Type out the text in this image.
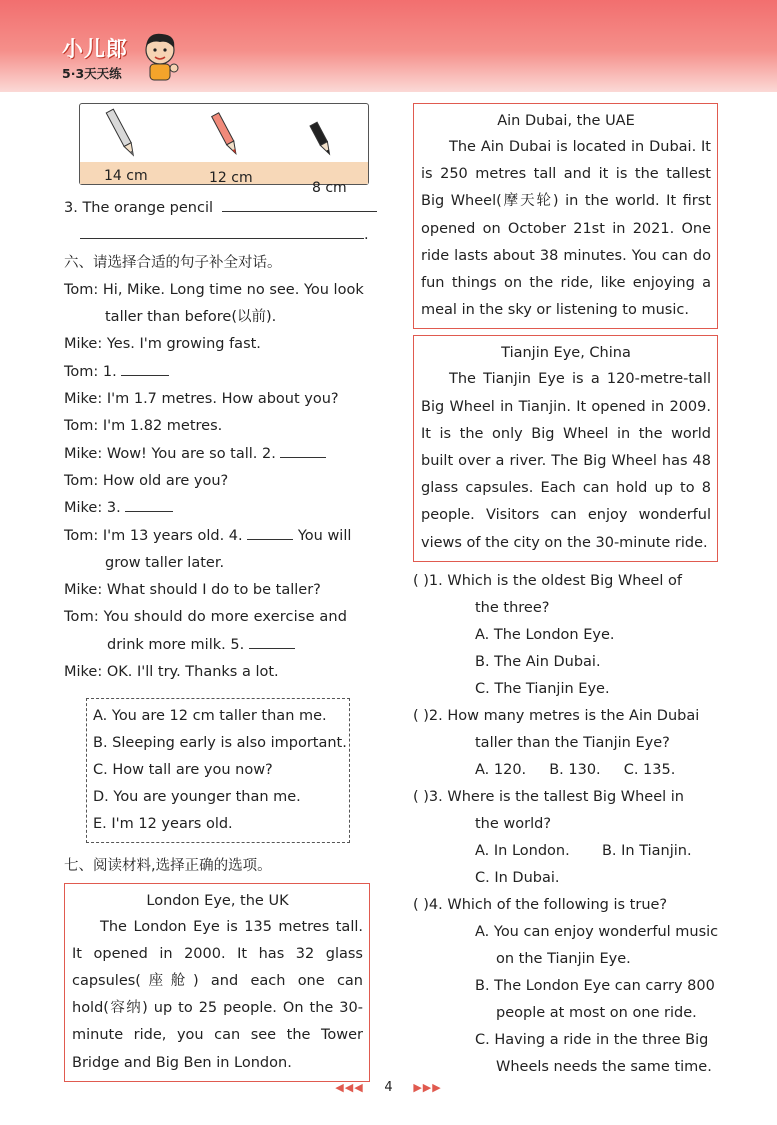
小儿郎
5·3天天练
14 cm	12 cm
8 cm
3. The orange pencil
.
六、请选择合适的句子补全对话。
Tom: Hi, Mike. Long time no see. You look
taller than before(以前).
Mike: Yes. I'm growing fast.
Tom: 1.
Mike: I'm 1.7 metres. How about you?
Tom: I'm 1.82 metres.
Mike: Wow! You are so tall. 2.
Tom: How old are you?
Mike: 3.
Tom: I'm 13 years old. 4.	You will
grow taller later.
Mike: What should I do to be taller?
Tom: You should do more exercise and
drink more milk. 5.
Mike: OK. I'll try. Thanks a lot.
A. You are 12 cm taller than me.
B. Sleeping early is also important.
C. How tall are you now?
D. You are younger than me.
E. I'm 12 years old.
七、阅读材料,选择正确的选项。
London Eye, the UK
The London Eye is 135 metres tall. It opened in 2000. It has 32 glass capsules(座舱) and each one can hold(容纳) up to 25 people. On the 30-minute ride, you can see the Tower Bridge and Big Ben in London.
Ain Dubai, the UAE
The Ain Dubai is located in Dubai. It is 250 metres tall and it is the tallest Big Wheel(摩天轮) in the world. It first opened on October 21st in 2021. One ride lasts about 38 minutes. You can do fun things on the ride, like enjoying a meal in the sky or listening to music.
Tianjin Eye, China
The Tianjin Eye is a 120-metre-tall Big Wheel in Tianjin. It opened in 2009. It is the only Big Wheel in the world built over a river. The Big Wheel has 48 glass capsules. Each can hold up to 8 people. Visitors can enjoy wonderful views of the city on the 30-minute ride.
( )1. Which is the oldest Big Wheel of
the three?
A. The London Eye.
B. The Ain Dubai.
C. The Tianjin Eye.
( )2. How many metres is the Ain Dubai
taller than the Tianjin Eye?
A. 120. B. 130. C. 135.
( )3. Where is the tallest Big Wheel in
the world?
A. In London. B. In Tianjin.
C. In Dubai.
( )4. Which of the following is true?
A. You can enjoy wonderful music
on the Tianjin Eye.
B. The London Eye can carry 800
people at most on one ride.
C. Having a ride in the three Big
Wheels needs the same time.
◀◀◀ 4 ▶▶▶
